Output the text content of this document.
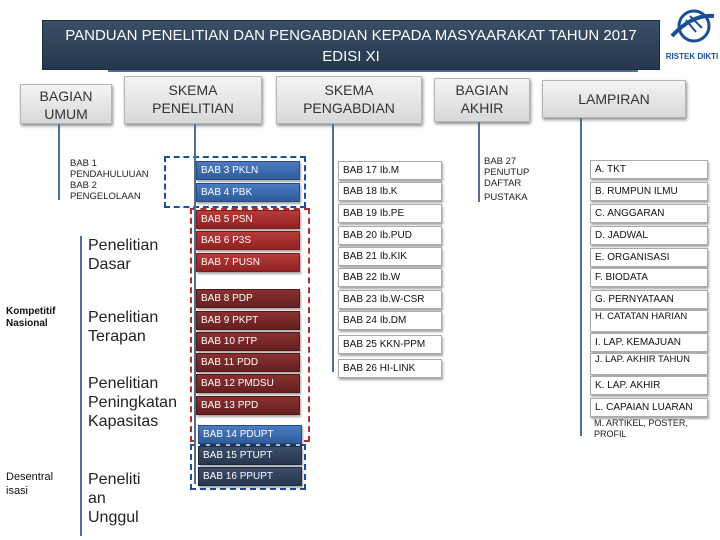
PANDUAN PENELITIAN DAN PENGABDIAN KEPADA MASYAARAKAT TAHUN 2017
EDISI XI	RISTEK DIKTI
BAGIAN
UMUM
SKEMA
PENELITIAN
SKEMA
PENGABDIAN
BAGIAN
AKHIR
LAMPIRAN
BAB 1 PENDAHULUUAN
BAB 2 PENGELOLAAN
Kompetitif
Nasional
Desentral
isasi
Penelitian
Dasar
Penelitian
Terapan
Penelitian
Peningkatan
Kapasitas
Peneliti
an
Unggul
BAB 3 PKLN
BAB 4 PBK
BAB 5 PSN
BAB 6 P3S
BAB 7 PUSN
BAB 8 PDP
BAB 9 PKPT
BAB 10 PTP
BAB 11 PDD
BAB 12 PMDSU
BAB 13 PPD
BAB 14 PDUPT
BAB 15 PTUPT
BAB 16 PPUPT
BAB 17 Ib.M
BAB 18 Ib.K
BAB 19 Ib.PE
BAB 20 Ib.PUD
BAB 21 Ib.KIK
BAB 22 Ib.W
BAB 23 Ib.W-CSR
BAB 24 Ib.DM
BAB 25 KKN-PPM
BAB 26 HI-LINK
BAB 27 PENUTUP
DAFTAR
PUSTAKA
A. TKT
B. RUMPUN ILMU
C. ANGGARAN
D. JADWAL
E. ORGANISASI
F. BIODATA
G. PERNYATAAN
H. CATATAN HARIAN
I. LAP. KEMAJUAN
J. LAP. AKHIR TAHUN
K. LAP. AKHIR
L. CAPAIAN LUARAN
M. ARTIKEL, POSTER, PROFIL
